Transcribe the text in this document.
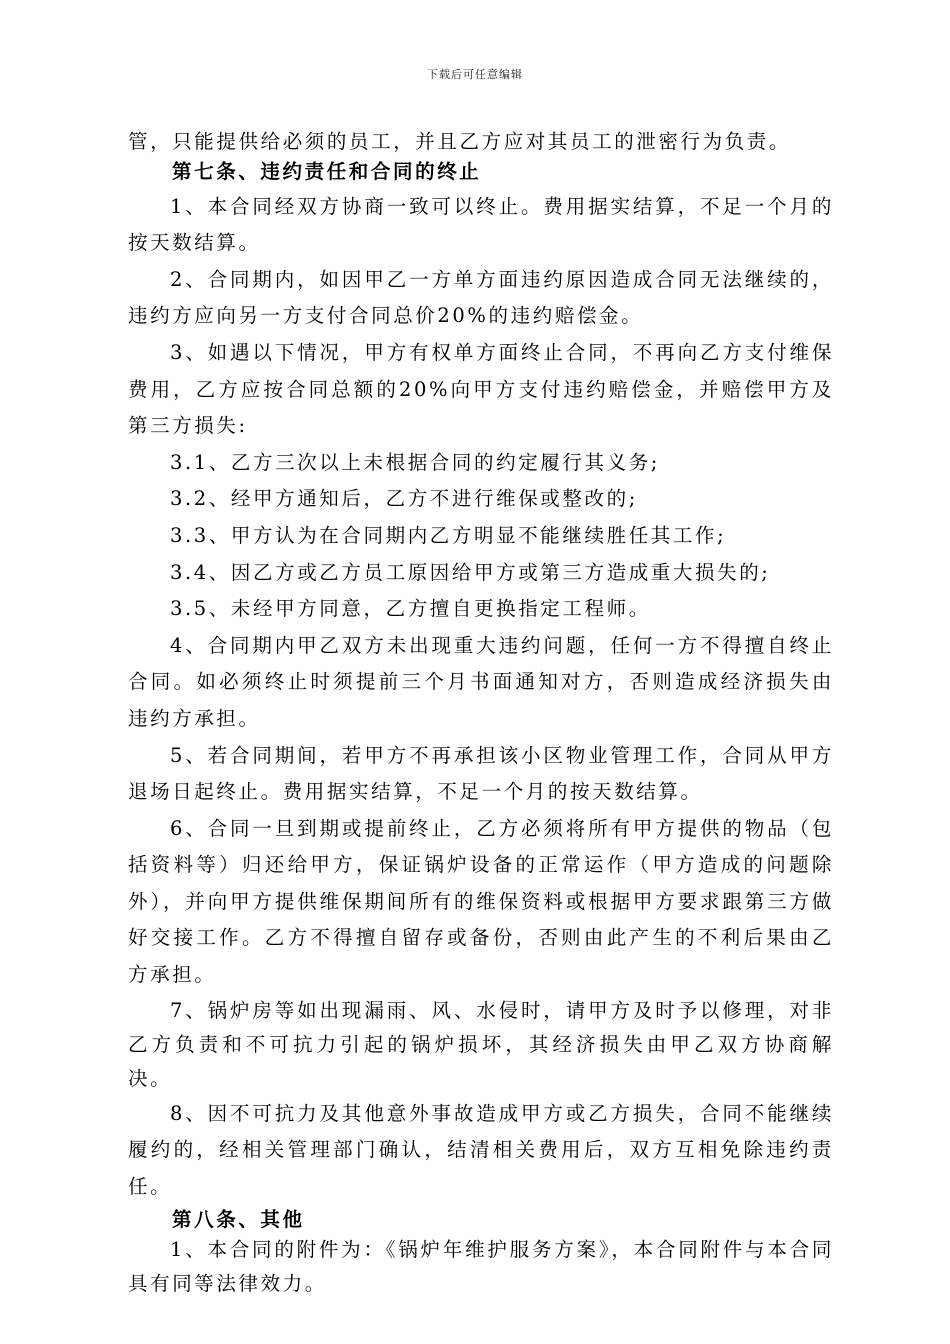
下载后可任意编辑

管，只能提供给必须的员工，并且乙方应对其员工的泄密行为负责。

第七条、违约责任和合同的终止

1、本合同经双方协商一致可以终止。费用据实结算，不足一个月的按天数结算。

2、合同期内，如因甲乙一方单方面违约原因造成合同无法继续的，违约方应向另一方支付合同总价20%的违约赔偿金。

3、如遇以下情况，甲方有权单方面终止合同，不再向乙方支付维保费用，乙方应按合同总额的20%向甲方支付违约赔偿金，并赔偿甲方及第三方损失:

3.1、乙方三次以上未根据合同的约定履行其义务;

3.2、经甲方通知后，乙方不进行维保或整改的;

3.3、甲方认为在合同期内乙方明显不能继续胜任其工作;

3.4、因乙方或乙方员工原因给甲方或第三方造成重大损失的;

3.5、未经甲方同意，乙方擅自更换指定工程师。

4、合同期内甲乙双方未出现重大违约问题，任何一方不得擅自终止合同。如必须终止时须提前三个月书面通知对方，否则造成经济损失由违约方承担。

5、若合同期间，若甲方不再承担该小区物业管理工作，合同从甲方退场日起终止。费用据实结算，不足一个月的按天数结算。

6、合同一旦到期或提前终止，乙方必须将所有甲方提供的物品（包括资料等）归还给甲方，保证锅炉设备的正常运作（甲方造成的问题除外），并向甲方提供维保期间所有的维保资料或根据甲方要求跟第三方做好交接工作。乙方不得擅自留存或备份，否则由此产生的不利后果由乙方承担。

7、锅炉房等如出现漏雨、风、水侵时，请甲方及时予以修理，对非乙方负责和不可抗力引起的锅炉损坏，其经济损失由甲乙双方协商解决。

8、因不可抗力及其他意外事故造成甲方或乙方损失，合同不能继续履约的，经相关管理部门确认，结清相关费用后，双方互相免除违约责任。

第八条、其他

1、本合同的附件为：《锅炉年维护服务方案》，本合同附件与本合同具有同等法律效力。
